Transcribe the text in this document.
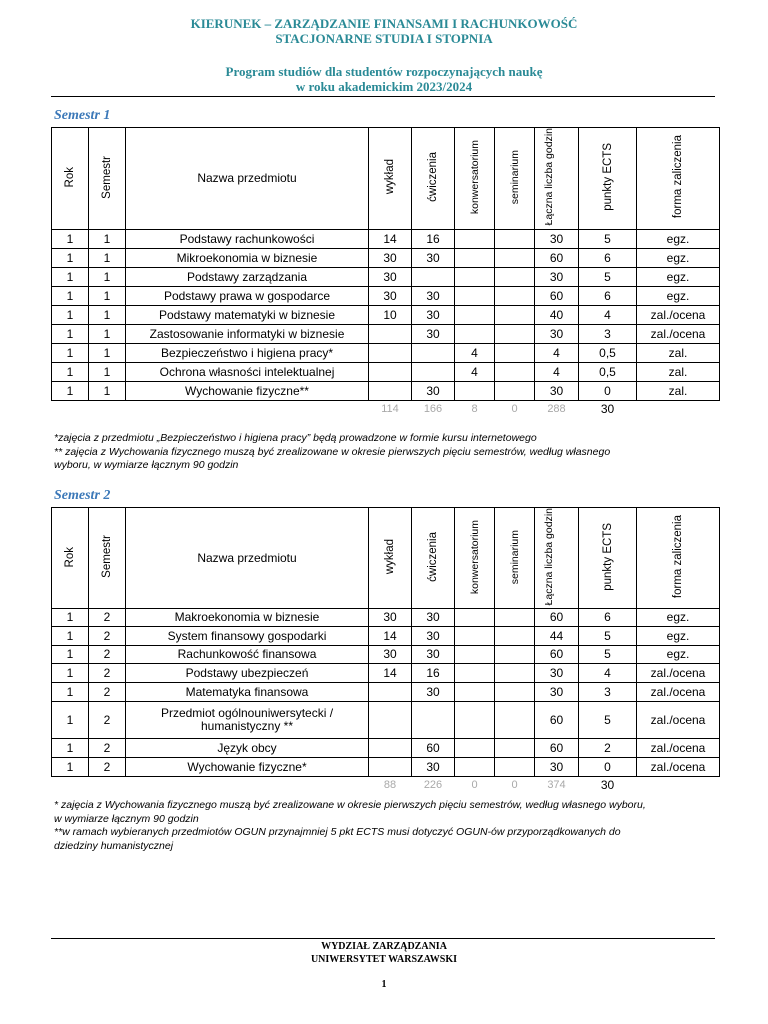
KIERUNEK – ZARZĄDZANIE FINANSAMI I RACHUNKOWOŚĆ
STACJONARNE STUDIA I STOPNIA
Program studiów dla studentów rozpoczynających naukę
w roku akademickim 2023/2024
Semestr 1
Rok	Semestr	Nazwa przedmiotu	wykład	ćwiczenia	konwersatorium	seminarium	Łączna liczba godzin	punkty ECTS	forma zaliczenia
1	1	Podstawy rachunkowości	14	16			30	5	egz.
1	1	Mikroekonomia w biznesie	30	30			60	6	egz.
1	1	Podstawy zarządzania	30				30	5	egz.
1	1	Podstawy prawa w gospodarce	30	30			60	6	egz.
1	1	Podstawy matematyki w biznesie	10	30			40	4	zal./ocena
1	1	Zastosowanie informatyki w biznesie		30			30	3	zal./ocena
1	1	Bezpieczeństwo i higiena pracy*			4		4	0,5	zal.
1	1	Ochrona własności intelektualnej			4		4	0,5	zal.
1	1	Wychowanie fizyczne**		30			30	0	zal.
			114	166	8	0	288	30	
*zajęcia z przedmiotu „Bezpieczeństwo i higiena pracy” będą prowadzone w formie kursu internetowego
** zajęcia z Wychowania fizycznego muszą być zrealizowane w okresie pierwszych pięciu semestrów, według własnego
wyboru, w wymiarze łącznym 90 godzin
Semestr 2
Rok	Semestr	Nazwa przedmiotu	wykład	ćwiczenia	konwersatorium	seminarium	Łączna liczba godzin	punkty ECTS	forma zaliczenia
1	2	Makroekonomia w biznesie	30	30			60	6	egz.
1	2	System finansowy gospodarki	14	30			44	5	egz.
1	2	Rachunkowość finansowa	30	30			60	5	egz.
1	2	Podstawy ubezpieczeń	14	16			30	4	zal./ocena
1	2	Matematyka finansowa		30			30	3	zal./ocena
1	2	Przedmiot ogólnouniwersytecki / humanistyczny **					60	5	zal./ocena
1	2	Język obcy		60			60	2	zal./ocena
1	2	Wychowanie fizyczne*		30			30	0	zal./ocena
			88	226	0	0	374	30	
* zajęcia z Wychowania fizycznego muszą być zrealizowane w okresie pierwszych pięciu semestrów, według własnego wyboru,
w wymiarze łącznym 90 godzin
**w ramach wybieranych przedmiotów OGUN przynajmniej 5 pkt ECTS musi dotyczyć OGUN-ów przyporządkowanych do
dziedziny humanistycznej
WYDZIAŁ ZARZĄDZANIA
UNIWERSYTET WARSZAWSKI
1
